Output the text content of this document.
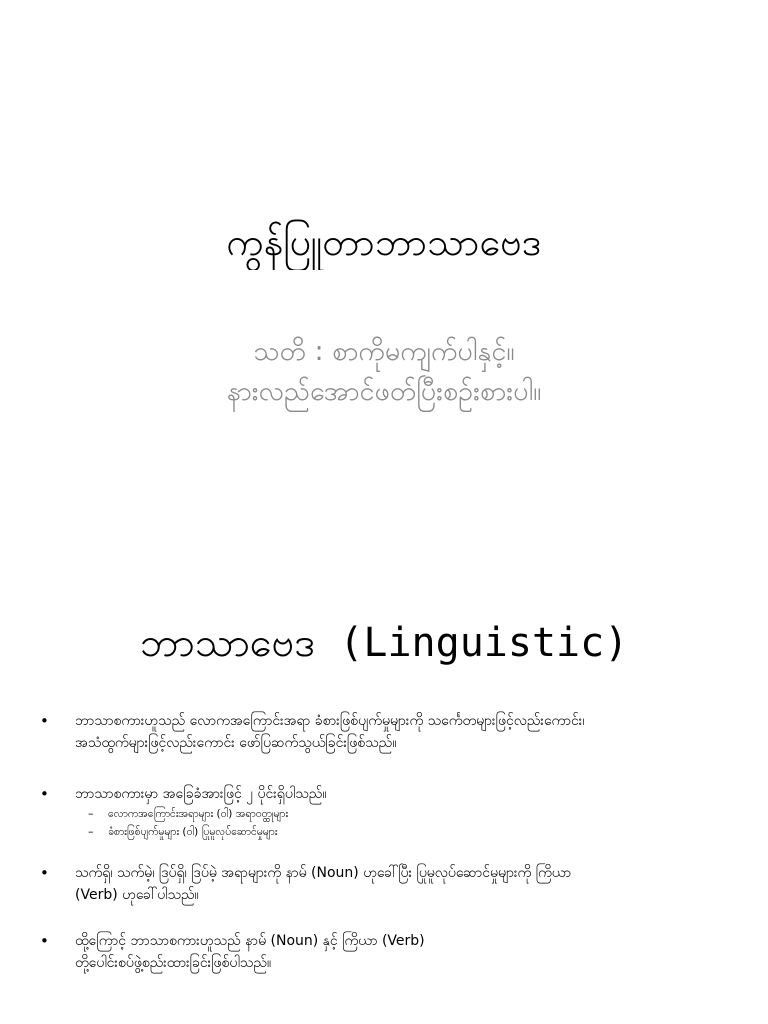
ကွန်ပြူတာဘာသာဗေဒ
သတိ : စာကိုမကျက်ပါနှင့်။
နားလည်အောင်ဖတ်ပြီးစဉ်းစားပါ။
ဘာသာဗေဒ (Linguistic)
•	ဘာသာစကားဟူသည် လောကအကြောင်းအရာ ခံစားဖြစ်ပျက်မှုများကို သင်္ကေတများဖြင့်လည်းကောင်း၊
အသံထွက်များဖြင့်လည်းကောင်း ဖော်ပြဆက်သွယ်ခြင်းဖြစ်သည်။
•	ဘာသာစကားမှာ အခြေခံအားဖြင့် ၂ ပိုင်းရှိပါသည်။
– လောကအကြောင်းအရာများ (ဝါ) အရာဝတ္ထုများ
– ခံစားဖြစ်ပျက်မှုများ (ဝါ) ပြုမူလုပ်ဆောင်မှုများ
•	သက်ရှိ၊ သက်မဲ့၊ ဒြပ်ရှိ၊ ဒြပ်မဲ့ အရာများကို နာမ် (Noun) ဟုခေါ်ပြီး ပြုမူလုပ်ဆောင်မှုများကို ကြိယာ
(Verb) ဟုခေါ်ပါသည်။
•	ထို့ကြောင့် ဘာသာစကားဟူသည် နာမ် (Noun) နှင့် ကြိယာ (Verb)
တို့ပေါင်းစပ်ဖွဲ့စည်းထားခြင်းဖြစ်ပါသည်။
